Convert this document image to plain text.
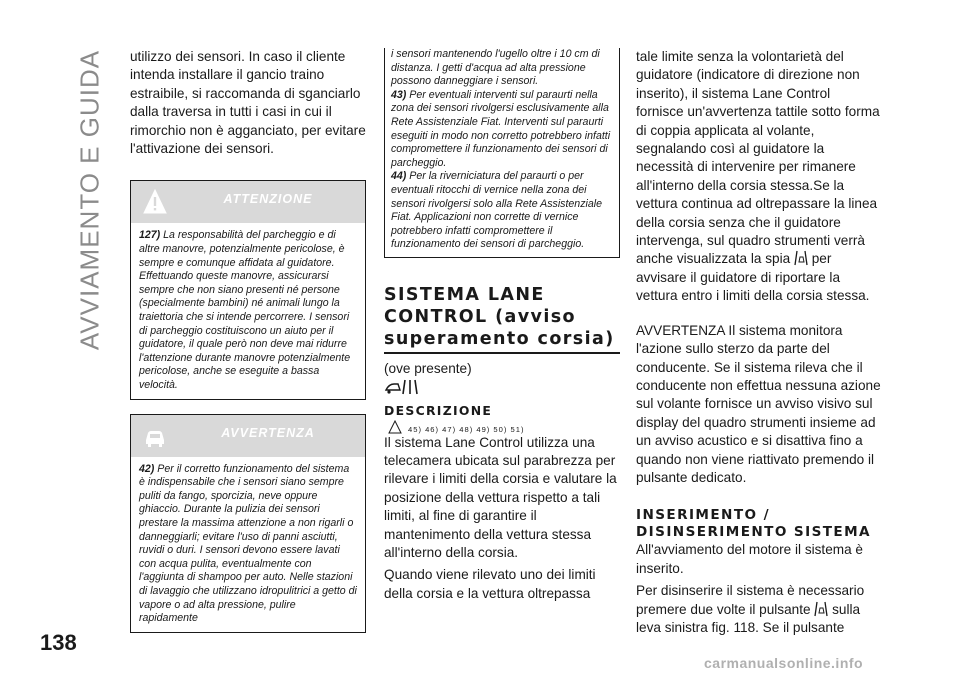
AVVIAMENTO E GUIDA utilizzo dei sensori. In caso il cliente intenda installare il gancio traino estraibile, si raccomanda di sganciarlo dalla traversa in tutti i casi in cui il rimorchio non è agganciato, per evitare l'attivazione dei sensori.

ATTENZIONE

127) La responsabilità del parcheggio e di altre manovre, potenzialmente pericolose, è sempre e comunque affidata al guidatore. Effettuando queste manovre, assicurarsi sempre che non siano presenti né persone (specialmente bambini) né animali lungo la traiettoria che si intende percorrere. I sensori di parcheggio costituiscono un aiuto per il guidatore, il quale però non deve mai ridurre l'attenzione durante manovre potenzialmente pericolose, anche se eseguite a bassa velocità.

AVVERTENZA

42) Per il corretto funzionamento del sistema è indispensabile che i sensori siano sempre puliti da fango, sporcizia, neve oppure ghiaccio. Durante la pulizia dei sensori prestare la massima attenzione a non rigarli o danneggiarli; evitare l'uso di panni asciutti, ruvidi o duri. I sensori devono essere lavati con acqua pulita, eventualmente con l'aggiunta di shampoo per auto. Nelle stazioni di lavaggio che utilizzano idropulitrici a getto di vapore o ad alta pressione, pulire rapidamente

i sensori mantenendo l'ugello oltre i 10 cm di distanza. I getti d'acqua ad alta pressione possono danneggiare i sensori.

43) Per eventuali interventi sul paraurti nella zona dei sensori rivolgersi esclusivamente alla Rete Assistenziale Fiat. Interventi sul paraurti eseguiti in modo non corretto potrebbero infatti compromettere il funzionamento dei sensori di parcheggio.

44) Per la riverniciatura del paraurti o per eventuali ritocchi di vernice nella zona dei sensori rivolgersi solo alla Rete Assistenziale Fiat. Applicazioni non corrette di vernice potrebbero infatti compromettere il funzionamento dei sensori di parcheggio.

SISTEMA LANE CONTROL (avviso superamento corsia)

(ove presente)

DESCRIZIONE
45) 46) 47) 48) 49) 50) 51)

Il sistema Lane Control utilizza una telecamera ubicata sul parabrezza per rilevare i limiti della corsia e valutare la posizione della vettura rispetto a tali limiti, al fine di garantire il mantenimento della vettura stessa all'interno della corsia.

Quando viene rilevato uno dei limiti della corsia e la vettura oltrepassa

tale limite senza la volontarietà del guidatore (indicatore di direzione non inserito), il sistema Lane Control fornisce un'avvertenza tattile sotto forma di coppia applicata al volante, segnalando così al guidatore la necessità di intervenire per rimanere all'interno della corsia stessa.Se la vettura continua ad oltrepassare la linea della corsia senza che il guidatore intervenga, sul quadro strumenti verrà anche visualizzata la spia per avvisare il guidatore di riportare la vettura entro i limiti della corsia stessa.

AVVERTENZA Il sistema monitora l'azione sullo sterzo da parte del conducente. Se il sistema rileva che il conducente non effettua nessuna azione sul volante fornisce un avviso visivo sul display del quadro strumenti insieme ad un avviso acustico e si disattiva fino a quando non viene riattivato premendo il pulsante dedicato.

INSERIMENTO / DISINSERIMENTO SISTEMA

All'avviamento del motore il sistema è inserito.

Per disinserire il sistema è necessario premere due volte il pulsante sulla leva sinistra fig. 118. Se il pulsante

138
carmanualsonline.info
